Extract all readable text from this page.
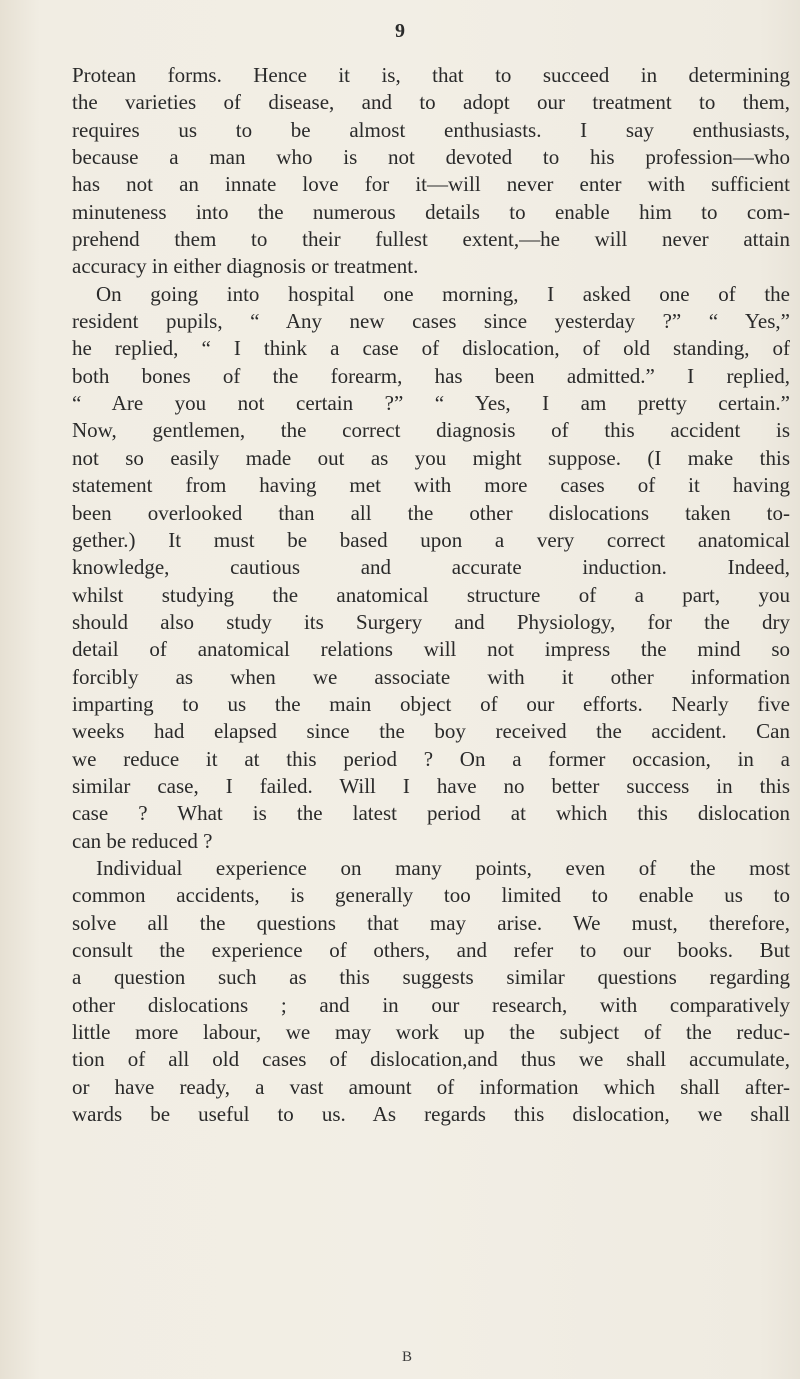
9

Protean forms. Hence it is, that to succeed in determining
the varieties of disease, and to adopt our treatment to them,
requires us to be almost enthusiasts. I say enthusiasts,
because a man who is not devoted to his profession—who
has not an innate love for it—will never enter with sufficient
minuteness into the numerous details to enable him to com-
prehend them to their fullest extent,—he will never attain
accuracy in either diagnosis or treatment.

On going into hospital one morning, I asked one of the
resident pupils, “ Any new cases since yesterday ?” “ Yes,”
he replied, “ I think a case of dislocation, of old standing, of
both bones of the forearm, has been admitted.” I replied,
“ Are you not certain ?” “ Yes, I am pretty certain.”
Now, gentlemen, the correct diagnosis of this accident is
not so easily made out as you might suppose. (I make this
statement from having met with more cases of it having
been overlooked than all the other dislocations taken to-
gether.) It must be based upon a very correct anatomical
knowledge, cautious and accurate induction. Indeed,
whilst studying the anatomical structure of a part, you
should also study its Surgery and Physiology, for the dry
detail of anatomical relations will not impress the mind so
forcibly as when we associate with it other information
imparting to us the main object of our efforts. Nearly five
weeks had elapsed since the boy received the accident. Can
we reduce it at this period ? On a former occasion, in a
similar case, I failed. Will I have no better success in this
case ? What is the latest period at which this dislocation
can be reduced ?

Individual experience on many points, even of the most
common accidents, is generally too limited to enable us to
solve all the questions that may arise. We must, therefore,
consult the experience of others, and refer to our books. But
a question such as this suggests similar questions regarding
other dislocations ; and in our research, with comparatively
little more labour, we may work up the subject of the reduc-
tion of all old cases of dislocation,and thus we shall accumulate,
or have ready, a vast amount of information which shall after-
wards be useful to us. As regards this dislocation, we shall

B
